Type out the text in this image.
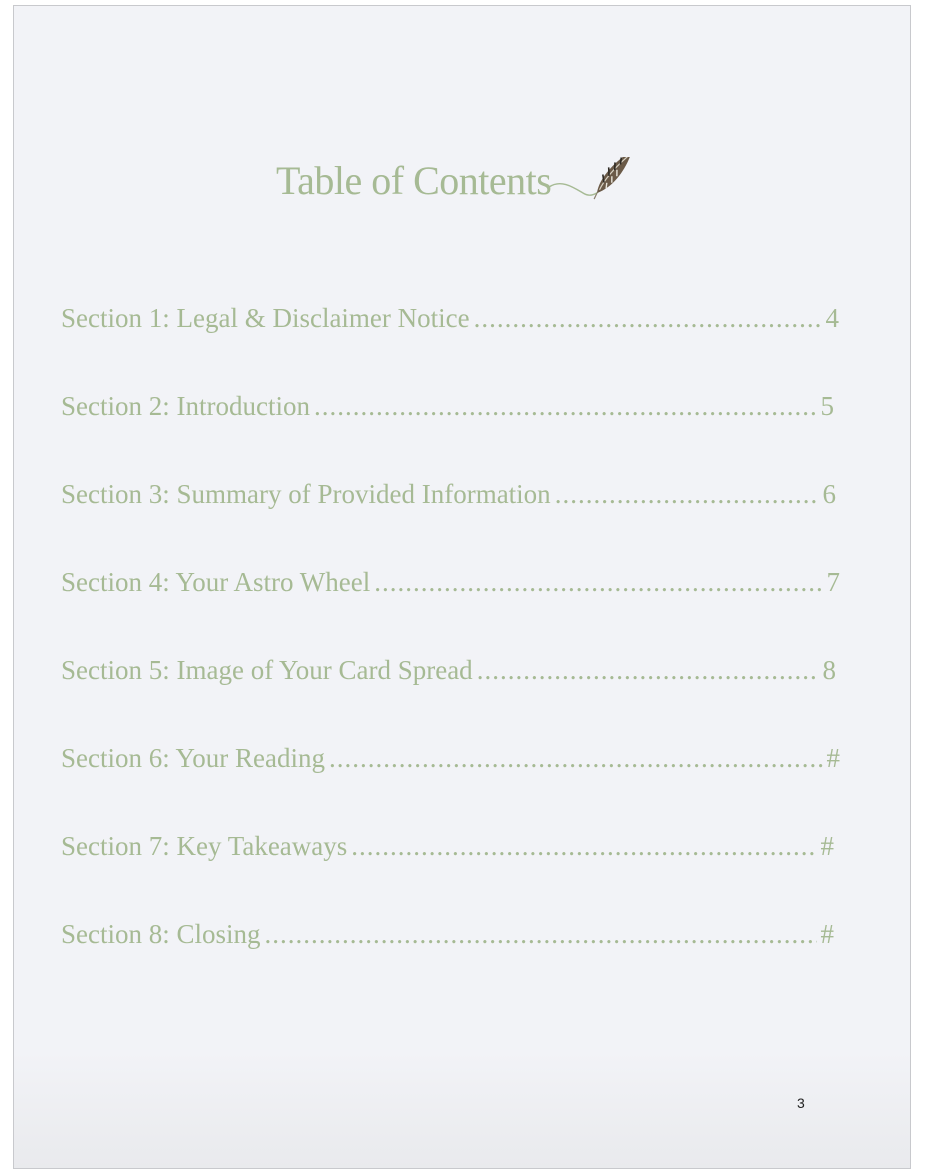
Table of Contents
Section 1: Legal & Disclaimer Notice .....	4
Section 2: Introduction .....	5
Section 3: Summary of Provided Information .....	6
Section 4: Your Astro Wheel .....	7
Section 5: Image of Your Card Spread .....	8
Section 6: Your Reading .....	#
Section 7: Key Takeaways .....	#
Section 8: Closing .....	#
3
